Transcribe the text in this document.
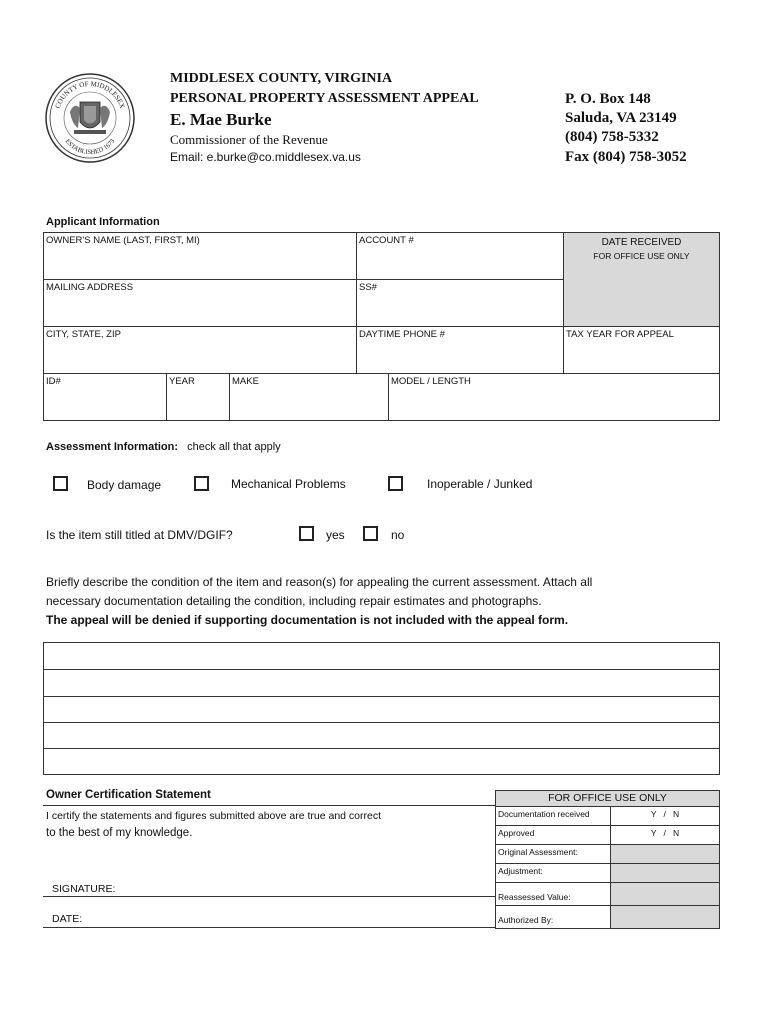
COUNTY OF MIDDLESEX
ESTABLISHED 1673
MIDDLESEX COUNTY, VIRGINIA
PERSONAL PROPERTY ASSESSMENT APPEAL
E. Mae Burke
Commissioner of the Revenue
Email: e.burke@co.middlesex.va.us
P. O. Box 148
Saluda, VA 23149
(804) 758-5332
Fax (804) 758-3052
Applicant Information
OWNER'S NAME (LAST, FIRST, MI)	ACCOUNT #	DATE RECEIVED
FOR OFFICE USE ONLY
MAILING ADDRESS	SS#
CITY, STATE, ZIP	DAYTIME PHONE #	TAX YEAR FOR APPEAL
ID#	YEAR	MAKE	MODEL / LENGTH
Assessment Information: check all that apply
Body damage	Mechanical Problems	Inoperable / Junked
Is the item still titled at DMV/DGIF?	yes	no
Briefly describe the condition of the item and reason(s) for appealing the current assessment. Attach all
necessary documentation detailing the condition, including repair estimates and photographs.
The appeal will be denied if supporting documentation is not included with the appeal form.
Owner Certification Statement
I certify the statements and figures submitted above are true and correct
to the best of my knowledge.
SIGNATURE:
DATE:
FOR OFFICE USE ONLY
Documentation received	Y   /   N
Approved	Y   /   N
Original Assessment:
Adjustment:
Reassessed Value:
Authorized By:
